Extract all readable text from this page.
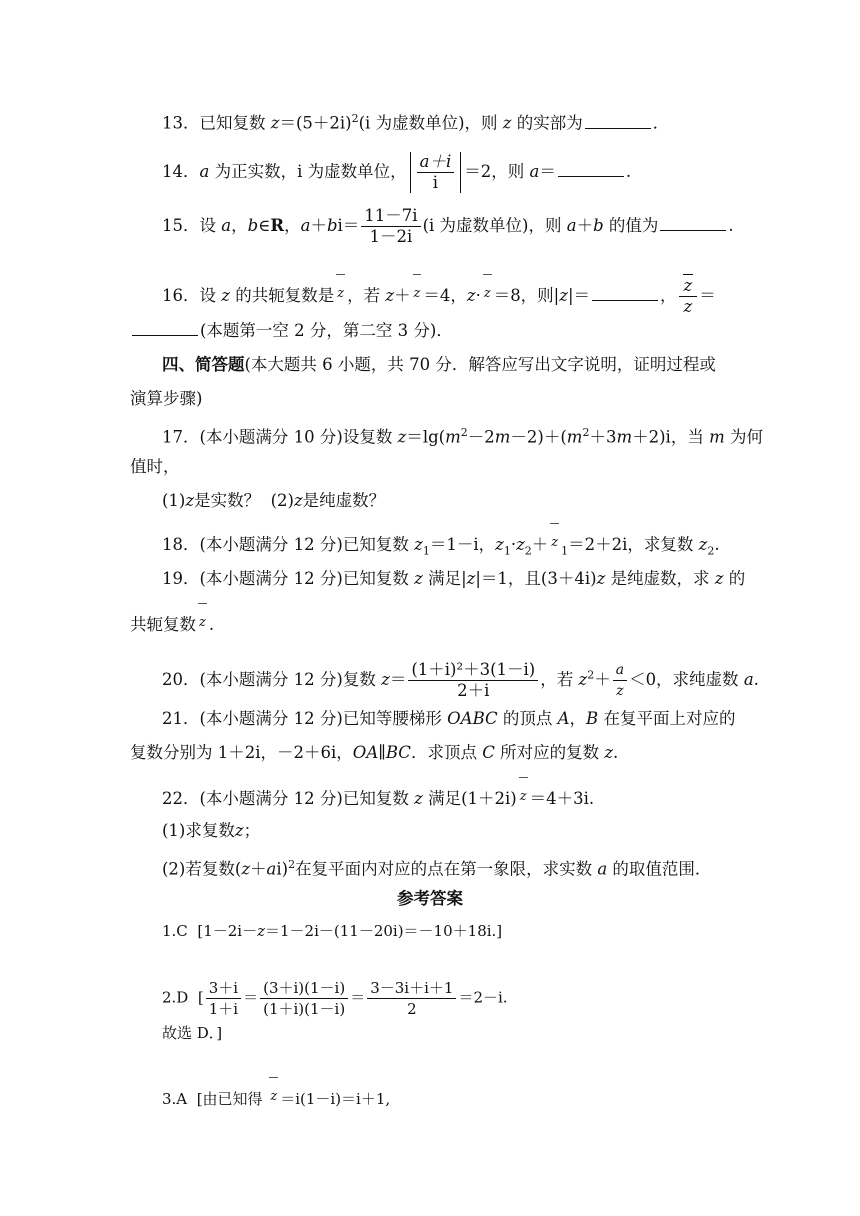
13．已知复数 $z=(5+2i)^2(i$ 为虚数单位)，则 z 的实部为	．
14．a 为正实数，i 为虚数单位， $\frac{a+i}{i} =2$，则 a＝	.
15．设 a，b∈R，$a+bi= \frac{11-7i}{1-2i} (i$ 为虚数单位)，则 a＋b 的值为	.
16．设 z 的共轭复数是 z ，若 z＋ z ＝4，z· z ＝8，则|z|＝	， $\frac{z}{z}$ ＝
(本题第一空 2 分，第二空 3 分)．
四、简答题(本大题共 6 小题，共 70 分．解答应写出文字说明，证明过程或
演算步骤)
17．(本小题满分 10 分)设复数 $z=\lg(m^2-2m-2)+(m^2+3m+2)i$，当 m 为何
值时，
(1)z是实数？ (2)z是纯虚数？
18．(本小题满分 12 分)已知复数 $z_1=1-i$，$z_1\cdot z_2+ z_1=2+2i$，求复数 $z_2$.
19．(本小题满分 12 分)已知复数 z 满足|z|＝1，且(3＋4i)z 是纯虚数，求 z 的
共轭复数 z .
20．(本小题满分 12 分)复数 $z= \frac{\text{(1＋i)²＋3(1－i)}}{2+i}$ ，若 $z^2+ \frac{a}{z} <0$，求纯虚数 a.
21．(本小题满分 12 分)已知等腰梯形 OABC 的顶点 A，B 在复平面上对应的
复数分别为 1＋2i，－2＋6i，OA∥BC．求顶点 C 所对应的复数 z.
22．(本小题满分 12 分)已知复数 z 满足(1＋2i) z ＝4＋3i.
(1)求复数z；
(2)若复数$(z+ai)^2$在复平面内对应的点在第一象限，求实数 a 的取值范围．
参考答案
1.C [1－2i－z＝1－2i－(11－20i)＝－10＋18i.]
2.D [ $\frac{3+i}{1+i} = \frac{(3+i)(1-i)}{(1+i)(1-i)} = \frac{3-3i+i+1}{2} =2-i$.
故选 D．]
3.A [由已知得 z ＝i(1－i)＝i＋1,
